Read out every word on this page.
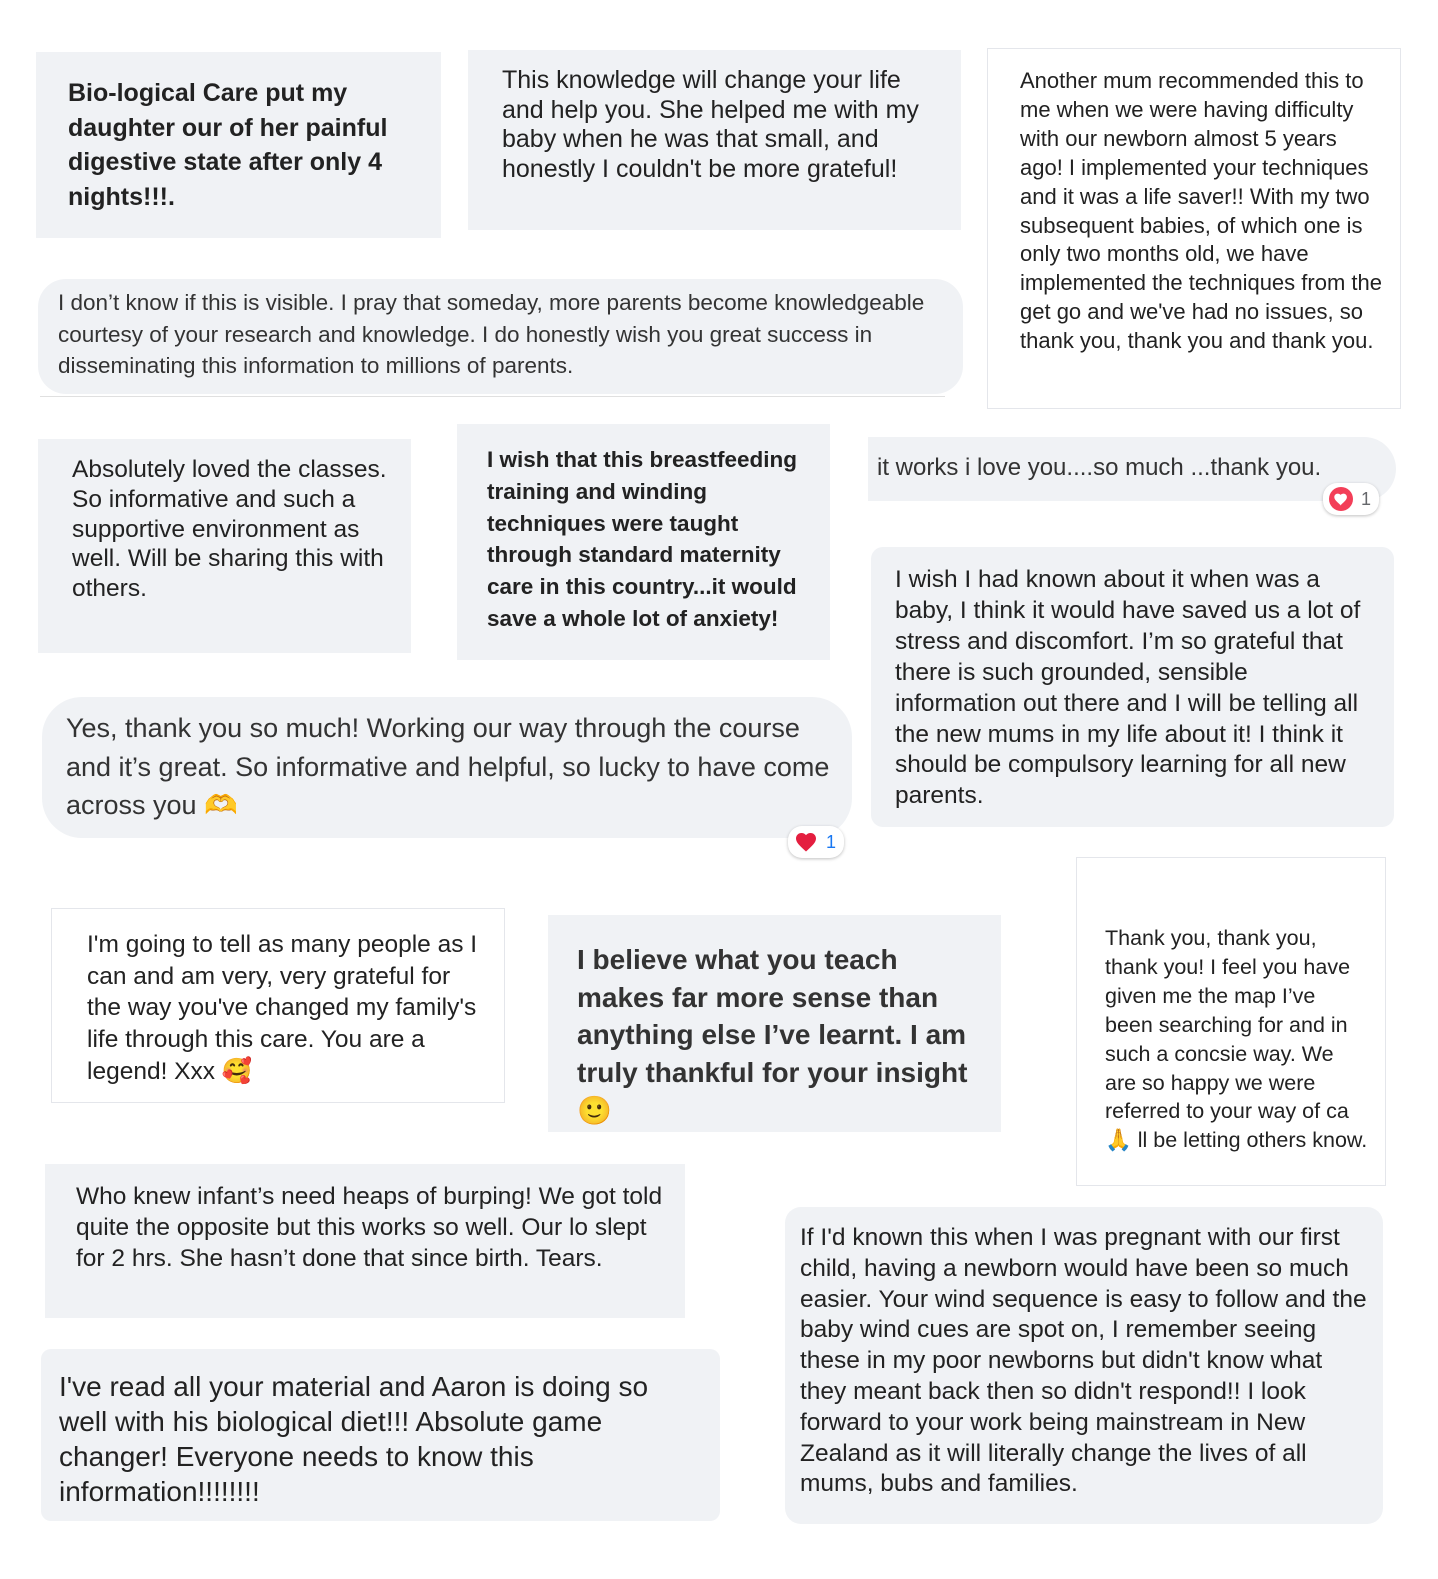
Bio-logical Care put my daughter our of her painful digestive state after only 4 nights!!!.

This knowledge will change your life and help you. She helped me with my baby when he was that small, and honestly I couldn't be more grateful!

Another mum recommended this to me when we were having difficulty with our newborn almost 5 years ago! I implemented your techniques and it was a life saver!! With my two subsequent babies, of which one is only two months old, we have implemented the techniques from the get go and we've had no issues, so thank you, thank you and thank you.

I don’t know if this is visible. I pray that someday, more parents become knowledgeable courtesy of your research and knowledge. I do honestly wish you great success in disseminating this information to millions of parents.

Absolutely loved the classes. So informative and such a supportive environment as well. Will be sharing this with others.

I wish that this breastfeeding training and winding techniques were taught through standard maternity care in this country...it would save a whole lot of anxiety!

it works i love you....so much ...thank you.

1

I wish I had known about it when was a baby, I think it would have saved us a lot of stress and discomfort. I’m so grateful that there is such grounded, sensible information out there and I will be telling all the new mums in my life about it! I think it should be compulsory learning for all new parents.

Yes, thank you so much! Working our way through the course and it’s great. So informative and helpful, so lucky to have come across you 🫶

1

I'm going to tell as many people as I can and am very, very grateful for the way you've changed my family's life through this care. You are a legend! Xxx 🥰

I believe what you teach makes far more sense than anything else I’ve learnt. I am truly thankful for your insight 🙂

Thank you, thank you, thank you! I feel you have given me the map I’ve been searching for and in such a concsie way. We are so happy we were referred to your way of ca 🙏 ll be letting others know.

Who knew infant’s need heaps of burping! We got told quite the opposite but this works so well. Our lo slept for 2 hrs. She hasn’t done that since birth. Tears.

If I'd known this when I was pregnant with our first child, having a newborn would have been so much easier. Your wind sequence is easy to follow and the baby wind cues are spot on, I remember seeing these in my poor newborns but didn't know what they meant back then so didn't respond!! I look forward to your work being mainstream in New Zealand as it will literally change the lives of all mums, bubs and families.

I've read all your material and Aaron is doing so well with his biological diet!!! Absolute game changer! Everyone needs to know this information!!!!!!!!
